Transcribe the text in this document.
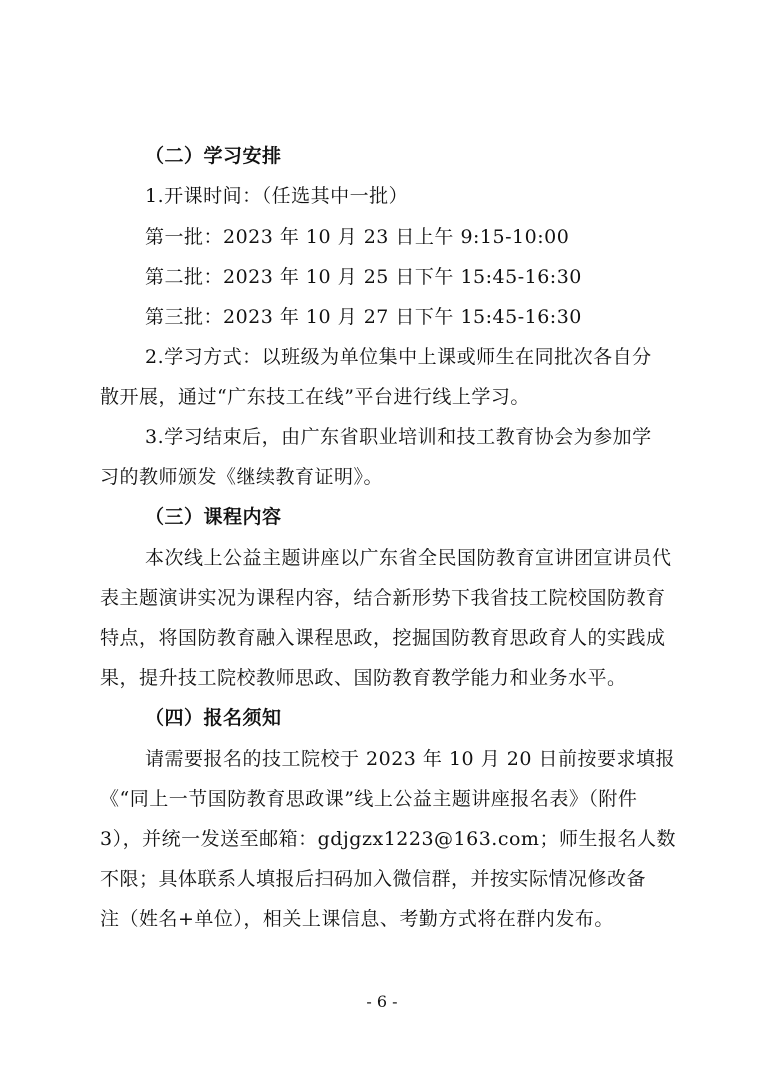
（二）学习安排
1.开课时间：（任选其中一批）
第一批：2023 年 10 月 23 日上午 9:15-10:00
第二批：2023 年 10 月 25 日下午 15:45-16:30
第三批：2023 年 10 月 27 日下午 15:45-16:30
2.学习方式：以班级为单位集中上课或师生在同批次各自分
散开展，通过“广东技工在线”平台进行线上学习。
3.学习结束后，由广东省职业培训和技工教育协会为参加学
习的教师颁发《继续教育证明》。
（三）课程内容
本次线上公益主题讲座以广东省全民国防教育宣讲团宣讲员代
表主题演讲实况为课程内容，结合新形势下我省技工院校国防教育
特点，将国防教育融入课程思政，挖掘国防教育思政育人的实践成
果，提升技工院校教师思政、国防教育教学能力和业务水平。
（四）报名须知
请需要报名的技工院校于 2023 年 10 月 20 日前按要求填报
《“同上一节国防教育思政课”线上公益主题讲座报名表》（附件
3），并统一发送至邮箱：gdjgzx1223@163.com；师生报名人数
不限；具体联系人填报后扫码加入微信群，并按实际情况修改备
注（姓名+单位），相关上课信息、考勤方式将在群内发布。
- 6 -
